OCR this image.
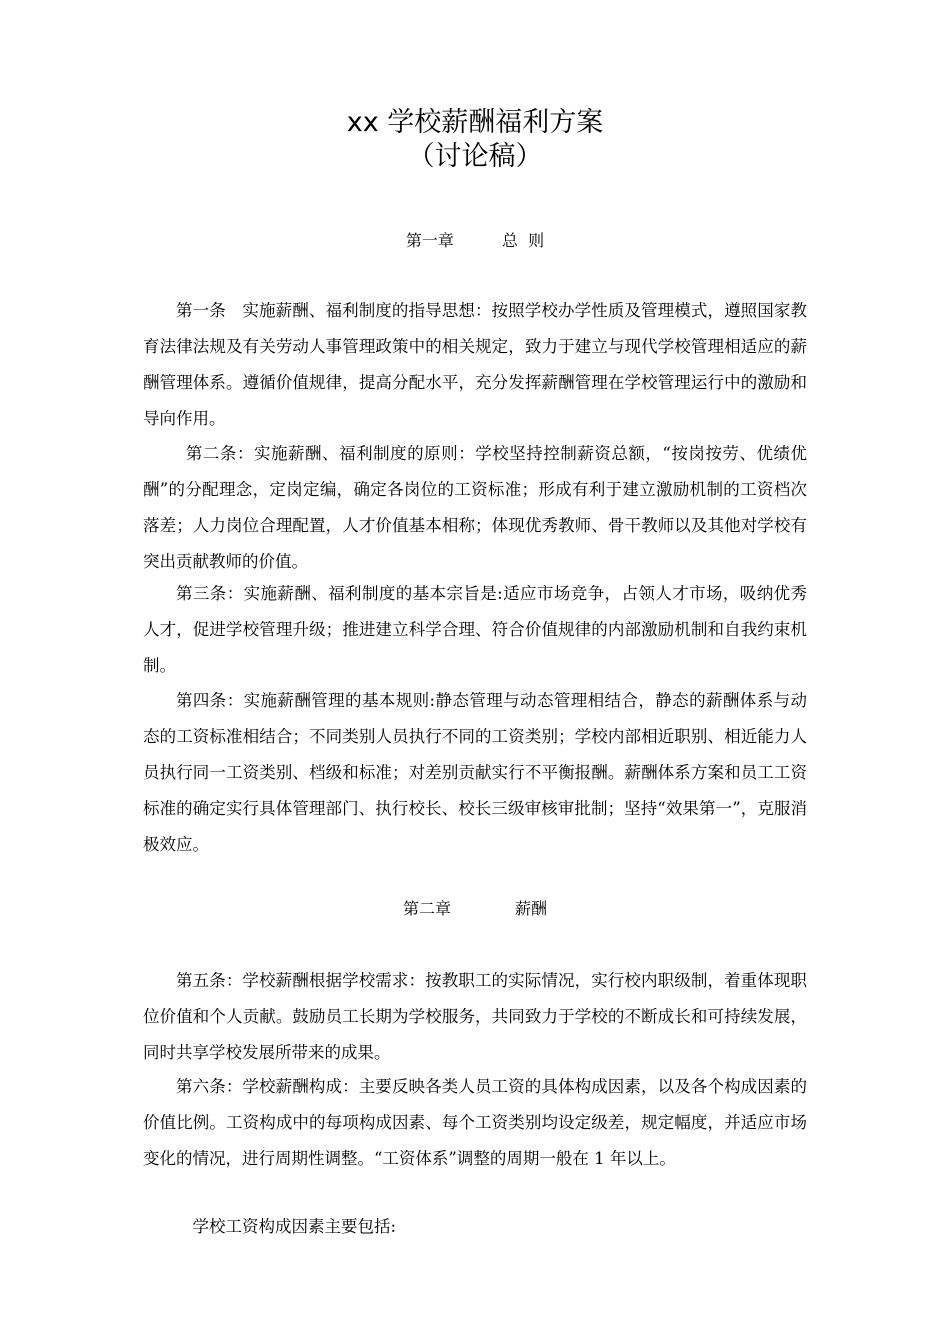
xx 学校薪酬福利方案
（讨论稿）
第一章　　　总  则

第一条　实施薪酬、福利制度的指导思想：按照学校办学性质及管理模式，遵照国家教育法律法规及有关劳动人事管理政策中的相关规定，致力于建立与现代学校管理相适应的薪酬管理体系。遵循价值规律，提高分配水平，充分发挥薪酬管理在学校管理运行中的激励和导向作用。

第二条：实施薪酬、福利制度的原则：学校坚持控制薪资总额，“按岗按劳、优绩优酬”的分配理念，定岗定编，确定各岗位的工资标准；形成有利于建立激励机制的工资档次落差；人力岗位合理配置，人才价值基本相称；体现优秀教师、骨干教师以及其他对学校有突出贡献教师的价值。

第三条：实施薪酬、福利制度的基本宗旨是:适应市场竞争，占领人才市场，吸纳优秀人才，促进学校管理升级；推进建立科学合理、符合价值规律的内部激励机制和自我约束机制。

第四条：实施薪酬管理的基本规则:静态管理与动态管理相结合，静态的薪酬体系与动态的工资标准相结合；不同类别人员执行不同的工资类别；学校内部相近职别、相近能力人员执行同一工资类别、档级和标准；对差别贡献实行不平衡报酬。薪酬体系方案和员工工资标准的确定实行具体管理部门、执行校长、校长三级审核审批制；坚持“效果第一”，克服消极效应。

第二章　　　　薪酬

第五条：学校薪酬根据学校需求：按教职工的实际情况，实行校内职级制，着重体现职位价值和个人贡献。鼓励员工长期为学校服务，共同致力于学校的不断成长和可持续发展，同时共享学校发展所带来的成果。

第六条：学校薪酬构成：主要反映各类人员工资的具体构成因素，以及各个构成因素的价值比例。工资构成中的每项构成因素、每个工资类别均设定级差，规定幅度，并适应市场变化的情况，进行周期性调整。“工资体系”调整的周期一般在 1 年以上。

学校工资构成因素主要包括:
